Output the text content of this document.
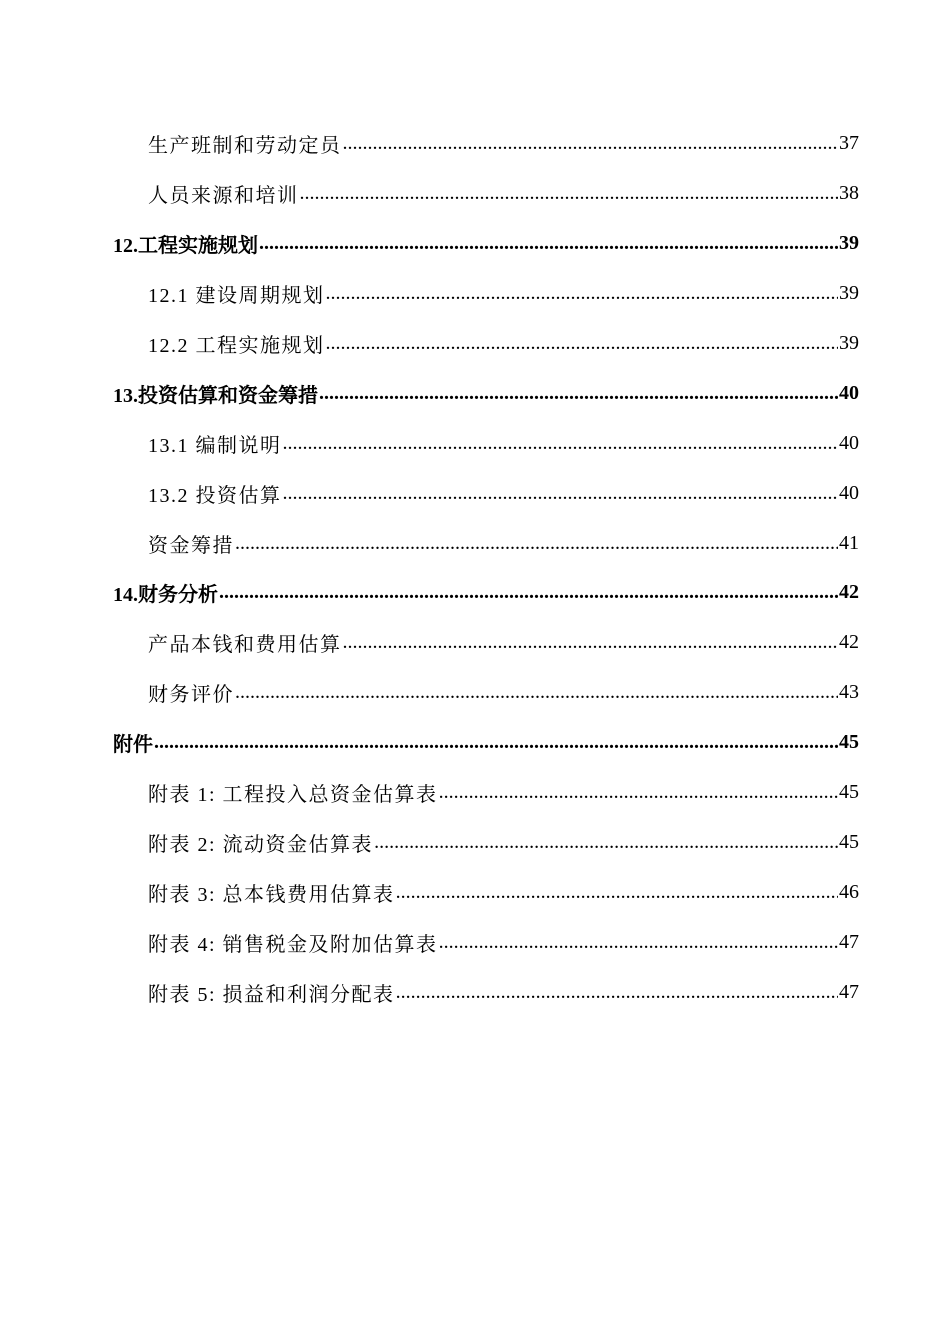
生产班制和劳动定员 .....	37
人员来源和培训 .....	38
12.工程实施规划 .....	39
12.1 建设周期规划 .....	39
12.2 工程实施规划 .....	39
13.投资估算和资金筹措 .....	40
13.1 编制说明 .....	40
13.2 投资估算 .....	40
资金筹措 .....	41
14.财务分析 .....	42
产品本钱和费用估算 .....	42
财务评价 .....	43
附件 .....	45
附表 1: 工程投入总资金估算表 .....	45
附表 2: 流动资金估算表 .....	45
附表 3: 总本钱费用估算表 .....	46
附表 4: 销售税金及附加估算表 .....	47
附表 5: 损益和利润分配表 .....	47
